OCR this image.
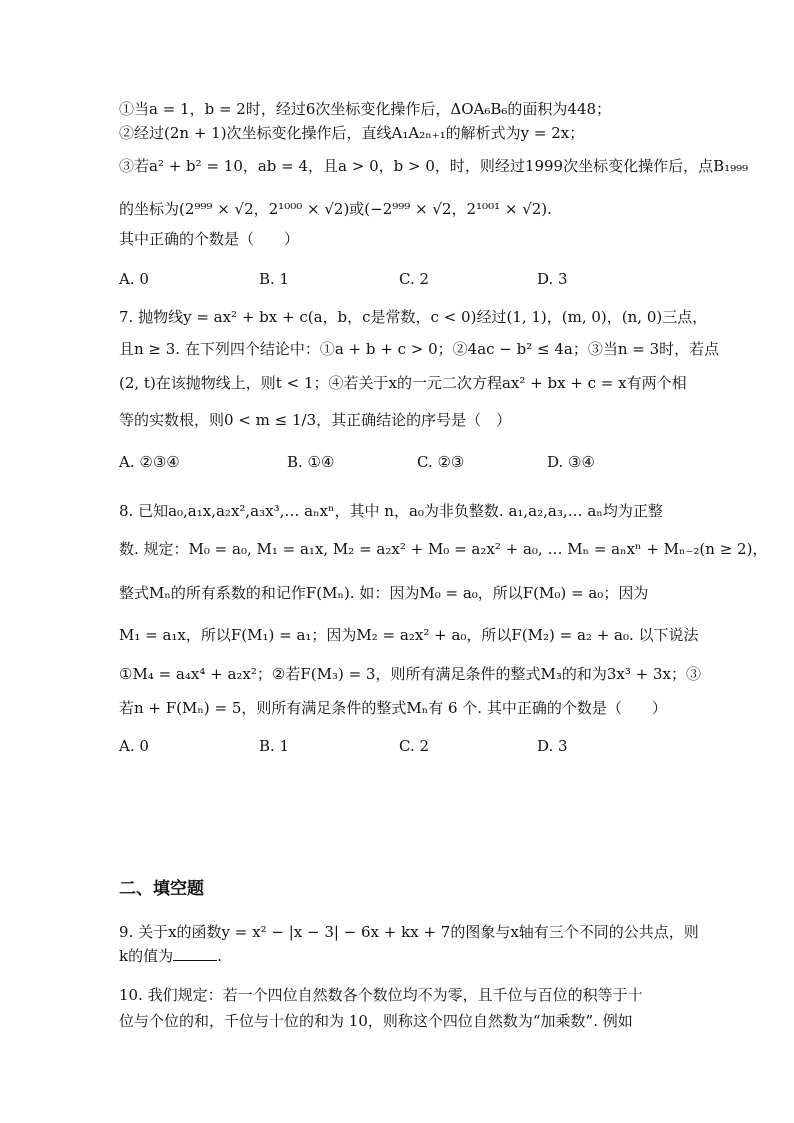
①当a = 1，b = 2时，经过6次坐标变化操作后，ΔOA₆B₆的面积为448；
②经过(2n + 1)次坐标变化操作后，直线A₁A₂ₙ₊₁的解析式为y = 2x；
③若a² + b² = 10，ab = 4，且a > 0，b > 0，时，则经过1999次坐标变化操作后，点B₁₉₉₉
的坐标为(2⁹⁹⁹ × √2，2¹⁰⁰⁰ × √2)或(−2⁹⁹⁹ × √2，2¹⁰⁰¹ × √2).
其中正确的个数是（　　）
A. 0	B. 1	C. 2	D. 3
7. 抛物线y = ax² + bx + c(a，b，c是常数，c < 0)经过(1, 1)，(m, 0)，(n, 0)三点，
且n ≥ 3. 在下列四个结论中：①a + b + c > 0；②4ac − b² ≤ 4a；③当n = 3时，若点
(2, t)在该抛物线上，则t < 1；④若关于x的一元二次方程ax² + bx + c = x有两个相
等的实数根，则0 < m ≤ 1/3，其正确结论的序号是（　）
A. ②③④	B. ①④	C. ②③	D. ③④
8. 已知a₀,a₁x,a₂x²,a₃x³,… aₙxⁿ，其中 n，a₀为非负整数. a₁,a₂,a₃,… aₙ均为正整
数. 规定：M₀ = a₀, M₁ = a₁x, M₂ = a₂x² + M₀ = a₂x² + a₀, … Mₙ = aₙxⁿ + Mₙ₋₂(n ≥ 2)，
整式Mₙ的所有系数的和记作F(Mₙ). 如：因为M₀ = a₀，所以F(M₀) = a₀；因为
M₁ = a₁x，所以F(M₁) = a₁；因为M₂ = a₂x² + a₀，所以F(M₂) = a₂ + a₀. 以下说法
①M₄ = a₄x⁴ + a₂x²；②若F(M₃) = 3，则所有满足条件的整式M₃的和为3x³ + 3x；③
若n + F(Mₙ) = 5，则所有满足条件的整式Mₙ有 6 个. 其中正确的个数是（　　）
A. 0	B. 1	C. 2	D. 3
二、填空题
9. 关于x的函数y = x² − |x − 3| − 6x + kx + 7的图象与x轴有三个不同的公共点，则
k的值为	.
10. 我们规定：若一个四位自然数各个数位均不为零，且千位与百位的积等于十
位与个位的和，千位与十位的和为 10，则称这个四位自然数为“加乘数”. 例如
